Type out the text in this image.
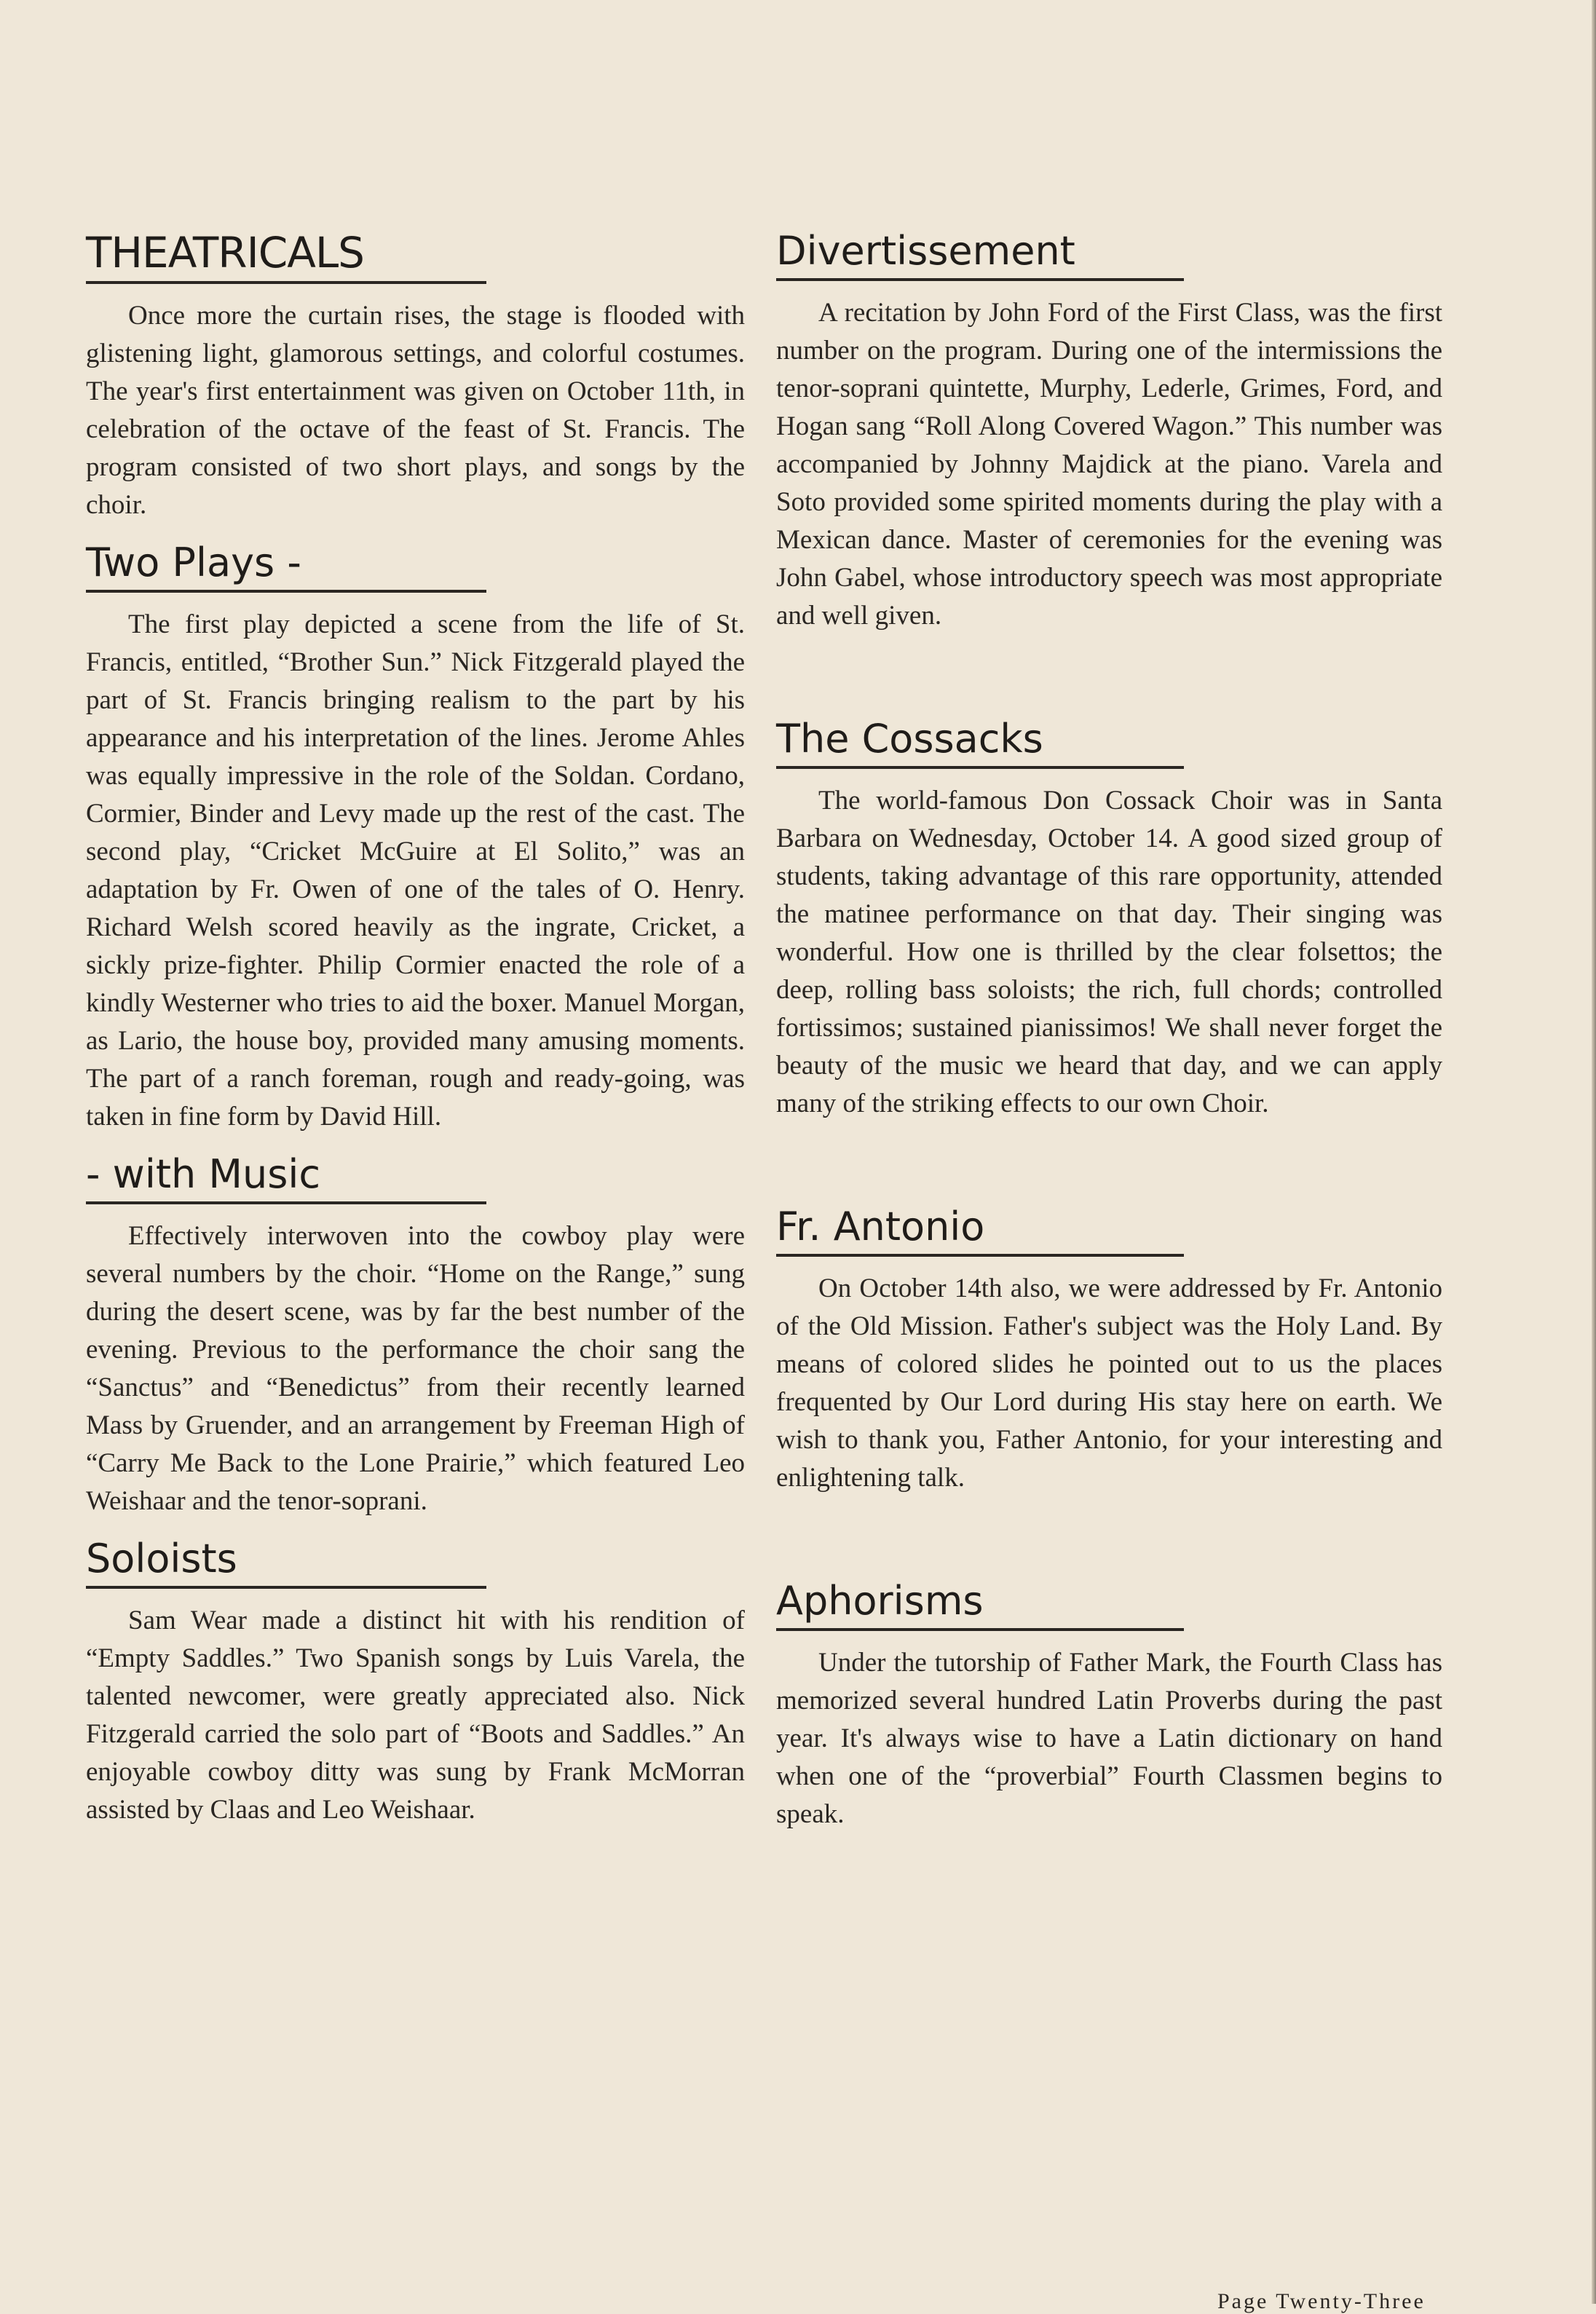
THEATRICALS

Once more the curtain rises, the stage is flooded with glistening light, glamorous settings, and colorful costumes. The year's first entertainment was given on October 11th, in celebration of the octave of the feast of St. Francis. The program consisted of two short plays, and songs by the choir.

Two Plays -

The first play depicted a scene from the life of St. Francis, entitled, “Brother Sun.” Nick Fitzgerald played the part of St. Francis bringing realism to the part by his appearance and his interpretation of the lines. Jerome Ahles was equally impressive in the role of the Soldan. Cordano, Cormier, Binder and Levy made up the rest of the cast. The second play, “Cricket McGuire at El Solito,” was an adaptation by Fr. Owen of one of the tales of O. Henry. Richard Welsh scored heavily as the ingrate, Cricket, a sickly prize-fighter. Philip Cormier enacted the role of a kindly Westerner who tries to aid the boxer. Manuel Morgan, as Lario, the house boy, provided many amusing moments. The part of a ranch foreman, rough and ready-going, was taken in fine form by David Hill.

- with Music

Effectively interwoven into the cowboy play were several numbers by the choir. “Home on the Range,” sung during the desert scene, was by far the best number of the evening. Previous to the performance the choir sang the “Sanctus” and “Benedictus” from their recently learned Mass by Gruender, and an arrangement by Freeman High of “Carry Me Back to the Lone Prairie,” which featured Leo Weishaar and the tenor-soprani.

Soloists

Sam Wear made a distinct hit with his rendition of “Empty Saddles.” Two Spanish songs by Luis Varela, the talented newcomer, were greatly appreciated also. Nick Fitzgerald carried the solo part of “Boots and Saddles.” An enjoyable cowboy ditty was sung by Frank McMorran assisted by Claas and Leo Weishaar.

Divertissement

A recitation by John Ford of the First Class, was the first number on the program. During one of the intermissions the tenor-soprani quintette, Murphy, Lederle, Grimes, Ford, and Hogan sang “Roll Along Covered Wagon.” This number was accompanied by Johnny Majdick at the piano. Varela and Soto provided some spirited moments during the play with a Mexican dance. Master of ceremonies for the evening was John Gabel, whose introductory speech was most appropriate and well given.

The Cossacks

The world-famous Don Cossack Choir was in Santa Barbara on Wednesday, October 14. A good sized group of students, taking advantage of this rare opportunity, attended the matinee performance on that day. Their singing was wonderful. How one is thrilled by the clear folsettos; the deep, rolling bass soloists; the rich, full chords; controlled fortissimos; sustained pianissimos! We shall never forget the beauty of the music we heard that day, and we can apply many of the striking effects to our own Choir.

Fr. Antonio

On October 14th also, we were addressed by Fr. Antonio of the Old Mission. Father's subject was the Holy Land. By means of colored slides he pointed out to us the places frequented by Our Lord during His stay here on earth. We wish to thank you, Father Antonio, for your interesting and enlightening talk.

Aphorisms

Under the tutorship of Father Mark, the Fourth Class has memorized several hundred Latin Proverbs during the past year. It's always wise to have a Latin dictionary on hand when one of the “proverbial” Fourth Classmen begins to speak.

Page Twenty-Three
